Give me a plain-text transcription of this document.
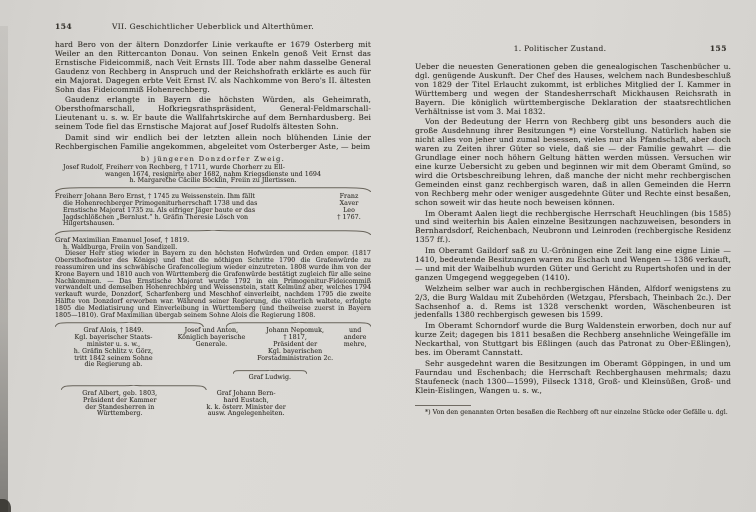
154	VII. Geschichtlicher Ueberblick und Alterthümer.

hard Bero von der ältern Donzdorfer Linie verkaufte er 1679 Osterberg mit Weiler an den Rittercanton Donau. Von seinen Enkeln genoß Veit Ernst das Ernstische Fideicommiß, nach Veit Ernsts III. Tode aber nahm dasselbe General Gaudenz von Rechberg in Anspruch und der Reichshofrath erklärte es auch für ein Majorat. Dagegen erbte Veit Ernst IV. als Nachkomme von Bero's II. ältesten Sohn das Fideicommiß Hohenrechberg.

Gaudenz erlangte in Bayern die höchsten Würden, als Geheimrath, Obersthofmarschall, Hofkriegsrathspräsident, General-Feldmarschall-Lieutenant u. s. w. Er baute die Wallfahrtskirche auf dem Bernhardusberg. Bei seinem Tode fiel das Ernstische Majorat auf Josef Rudolfs ältesten Sohn.

Damit sind wir endlich bei der letzten allein noch blühenden Linie der Rechbergischen Familie angekommen, abgeleitet vom Osterberger Aste, — beim

b) jüngeren Donzdorfer Zweig.
Josef Rudolf, Freiherr von Rechberg, † 1711, wurde Chorherr zu Ell-
wangen 1674, resignirte aber 1682, nahm Kriegsdienste und 1694
h. Margarethe Cäcilie Böcklin, Freiin zu Jllertissen.
Freiherr Johann Bero Ernst, † 1745 zu Weissenstein. Ihm fällt
die Hohenrechberger Primogeniturherrschaft 1738 und das
Ernstische Majorat 1735 zu. Als eifriger Jäger baute er das
Jagdschlößchen „Bernlust.“ h. Gräfin Theresie Lösch von
Hilgertshausen.
Franz
Xaver
Leo
† 1767.
Graf Maximilian Emanuel Josef, † 1819.
h. Waldburga, Freiin von Sandizell.

Dieser Herr stieg wieder in Bayern zu den höchsten Hofwürden und Orden empor. (1817 Obersthofmeister des Königs) und that die nöthigen Schritte 1790 die Grafenwürde zu reassumiren und ins schwäbische Grafencollegium wieder einzutreten. 1808 wurde ihm von der Krone Bayern und 1810 auch von Württemberg die Grafenwürde bestätigt zugleich für alle seine Nachkommen. — Das Ernstische Majorat wurde 1792 in ein Primogenitur-Fideicommiß verwandelt und demselben Hohenrechberg und Weissenstein, statt Kelmünz aber, welches 1794 verkauft wurde, Donzdorf, Scharfenberg und Meschhof einverleibt, nachdem 1795 die zweite Hälfte von Donzdorf erworben war. Während seiner Regierung, die väterlich waltete, erfolgte 1805 die Mediatisirung und Einverleibung in Württemberg (und theilweise zuerst in Bayern 1805—1810). Graf Maximilian übergab seinem Sohne Alois die Regierung 1808.

Graf Alois, † 1849.
Kgl. bayerischer Staats-
minister u. s. w.,
h. Gräfin Schlitz v. Görz,
tritt 1842 seinem Sohne
die Regierung ab.
Josef und Anton,
Königlich bayerische
Generale.
Johann Nepomuk,
† 1817,
Präsident der
Kgl. bayerischen
Forstadministration 2c.
und
andere
mehre,
Graf Ludwig.
Graf Albert, geb. 1803,
Präsident der Kammer
der Standesherren in
Württemberg.
Graf Johann Bern-
hard Eustach,
k. k. österr. Minister der
ausw. Angelegenheiten.
1. Politischer Zustand.	155

Ueber die neuesten Generationen geben die genealogischen Taschenbücher u. dgl. genügende Auskunft. Der Chef des Hauses, welchem nach Bundesbeschluß von 1829 der Titel Erlaucht zukommt, ist erbliches Mitglied der I. Kammer in Württemberg und wegen der Standesherrschaft Mickhausen Reichsrath in Bayern. Die königlich württembergische Deklaration der staatsrechtlichen Verhältnisse ist vom 3. Mai 1832.

Von der Bedeutung der Herrn von Rechberg gibt uns besonders auch die große Ausdehnung ihrer Besitzungen *) eine Vorstellung. Natürlich haben sie nicht alles von jeher und zumal besessen, vieles nur als Pfandschaft, aber doch waren zu Zeiten ihrer Güter so viele, daß sie — der Familie gewahrt — die Grundlage einer noch höhern Geltung hätten werden müssen. Versuchen wir eine kurze Uebersicht zu geben und beginnen wir mit dem Oberamt Gmünd, so wird die Ortsbeschreibung lehren, daß manche der nicht mehr rechbergischen Gemeinden einst ganz rechbergisch waren, daß in allen Gemeinden die Herrn von Rechberg mehr oder weniger ausgedehnte Güter und Rechte einst besaßen, schon soweit wir das heute noch beweisen können.

Im Oberamt Aalen liegt die rechbergische Herrschaft Heuchlingen (bis 1585) und sind weiterhin bis Aalen einzelne Besitzungen nachzuweisen, besonders in Bernhardsdorf, Reichenbach, Neubronn und Leinroden (rechbergische Residenz 1357 ff.).

Im Oberamt Gaildorf saß zu U.-Gröningen eine Zeit lang eine eigne Linie — 1410, bedeutende Besitzungen waren zu Eschach und Wengen — 1386 verkauft, — und mit der Waibelhub wurden Güter und Gericht zu Rupertshofen und in der ganzen Umgegend weggegeben (1410).

Welzheim selber war auch in rechbergischen Händen, Alfdorf wenigstens zu 2/3, die Burg Waldau mit Zubehörden (Wetzgau, Pfersbach, Theinbach 2c.). Der Sachsenhof a. d. Rems ist 1328 verschenkt worden, Wäschenbeuren ist jedenfalls 1380 rechbergisch gewesen bis 1599.

Im Oberamt Schorndorf wurde die Burg Waldenstein erworben, doch nur auf kurze Zeit; dagegen bis 1811 besaßen die Rechberg ansehnliche Weingefälle im Neckarthal, von Stuttgart bis Eßlingen (auch das Patronat zu Ober-Eßlingen), bes. im Oberamt Cannstatt.

Sehr ausgedehnt waren die Besitzungen im Oberamt Göppingen, in und um Faurndau und Eschenbach; die Herrschaft Rechberghausen mehrmals; dazu Staufeneck (nach 1300—1599), Filseck 1318, Groß- und Kleinsüßen, Groß- und Klein-Eislingen, Wangen u. s. w.,

*) Von den genannten Orten besaßen die Rechberg oft nur einzelne Stücke oder Gefälle u. dgl.
